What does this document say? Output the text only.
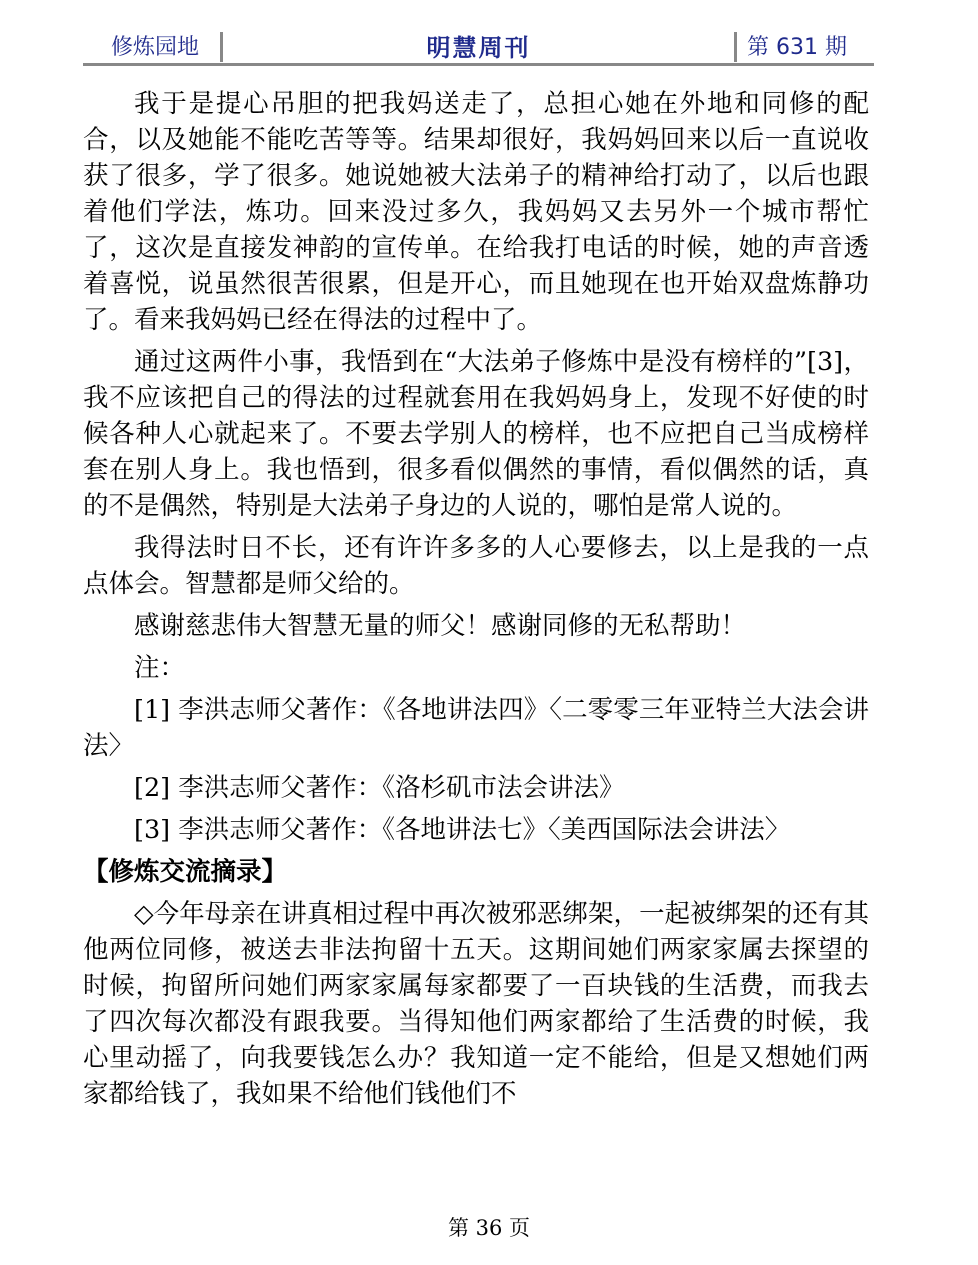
修炼园地	明慧周刊	第 631 期

我于是提心吊胆的把我妈送走了，总担心她在外地和同修的配合，以及她能不能吃苦等等。结果却很好，我妈妈回来以后一直说收获了很多，学了很多。她说她被大法弟子的精神给打动了，以后也跟着他们学法，炼功。回来没过多久，我妈妈又去另外一个城市帮忙了，这次是直接发神韵的宣传单。在给我打电话的时候，她的声音透着喜悦，说虽然很苦很累，但是开心，而且她现在也开始双盘炼静功了。看来我妈妈已经在得法的过程中了。

通过这两件小事，我悟到在“大法弟子修炼中是没有榜样的”[3]，我不应该把自己的得法的过程就套用在我妈妈身上，发现不好使的时候各种人心就起来了。不要去学别人的榜样，也不应把自己当成榜样套在别人身上。我也悟到，很多看似偶然的事情，看似偶然的话，真的不是偶然，特别是大法弟子身边的人说的，哪怕是常人说的。

我得法时日不长，还有许许多多的人心要修去，以上是我的一点点体会。智慧都是师父给的。

感谢慈悲伟大智慧无量的师父！感谢同修的无私帮助！

注：

[1] 李洪志师父著作：《各地讲法四》〈二零零三年亚特兰大法会讲法〉

[2] 李洪志师父著作：《洛杉矶市法会讲法》

[3] 李洪志师父著作：《各地讲法七》〈美西国际法会讲法〉

【修炼交流摘录】

◇今年母亲在讲真相过程中再次被邪恶绑架，一起被绑架的还有其他两位同修，被送去非法拘留十五天。这期间她们两家家属去探望的时候，拘留所问她们两家家属每家都要了一百块钱的生活费，而我去了四次每次都没有跟我要。当得知他们两家都给了生活费的时候，我心里动摇了，向我要钱怎么办？我知道一定不能给，但是又想她们两家都给钱了，我如果不给他们钱他们不

第 36 页
